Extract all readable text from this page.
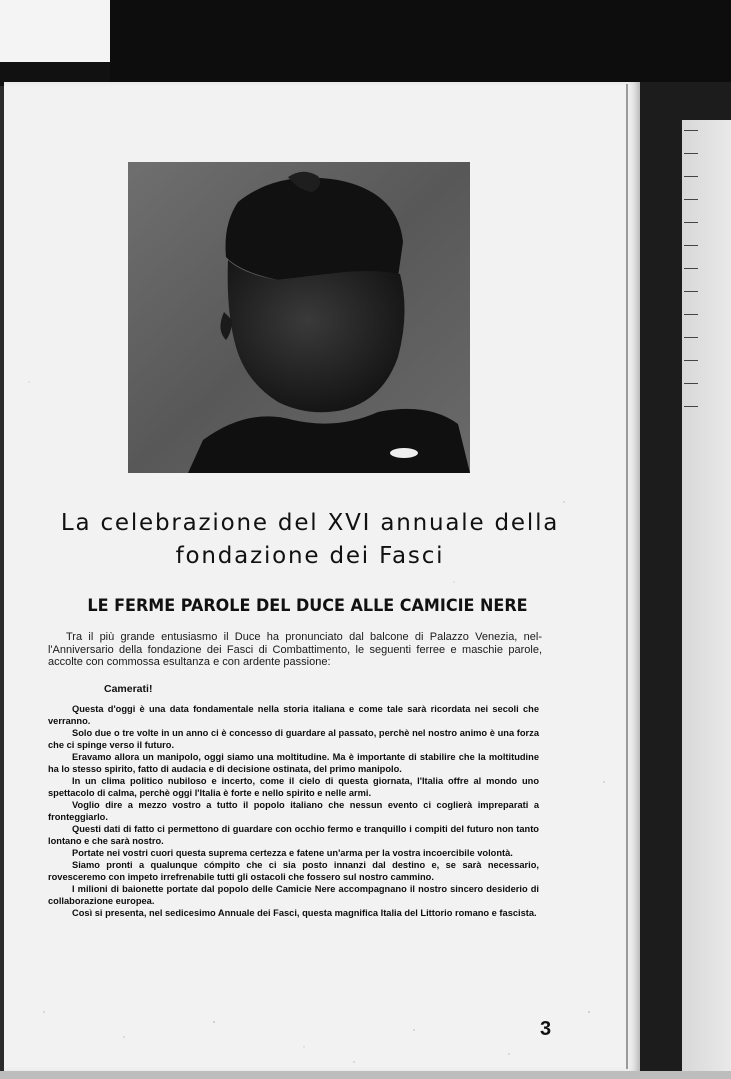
La celebrazione del XVI annuale della fondazione dei Fasci
LE FERME PAROLE DEL DUCE ALLE CAMICIE NERE

Tra il più grande entusiasmo il Duce ha pronunciato dal balcone di Palazzo Venezia, nel-l'Anniversario della fondazione dei Fasci di Combattimento, le seguenti ferree e maschie parole, accolte con commossa esultanza e con ardente passione:

Camerati!

Questa d'oggi è una data fondamentale nella storia italiana e come tale sarà ricordata nei secoli che verranno.

Solo due o tre volte in un anno ci è concesso di guardare al passato, perchè nel nostro animo è una forza che ci spinge verso il futuro.

Eravamo allora un manipolo, oggi siamo una moltitudine. Ma è importante di stabilire che la moltitudine ha lo stesso spirito, fatto di audacia e di decisione ostinata, del primo manipolo.

In un clima politico nubiloso e incerto, come il cielo di questa giornata, l'Italia offre al mondo uno spettacolo di calma, perchè oggi l'Italia è forte e nello spirito e nelle armi.

Voglio dire a mezzo vostro a tutto il popolo italiano che nessun evento ci coglierà impreparati a fronteggiarlo.

Questi dati di fatto ci permettono di guardare con occhio fermo e tranquillo i compiti del futuro non tanto lontano e che sarà nostro.

Portate nei vostri cuori questa suprema certezza e fatene un'arma per la vostra incoercibile volontà.

Siamo pronti a qualunque cómpito che ci sia posto innanzi dal destino e, se sarà necessario, rovesceremo con impeto irrefrenabile tutti gli ostacoli che fossero sul nostro cammino.

I milioni di baionette portate dal popolo delle Camicie Nere accompagnano il nostro sincero desiderio di collaborazione europea.

Così si presenta, nel sedicesimo Annuale dei Fasci, questa magnifica Italia del Littorio romano e fascista.

3
